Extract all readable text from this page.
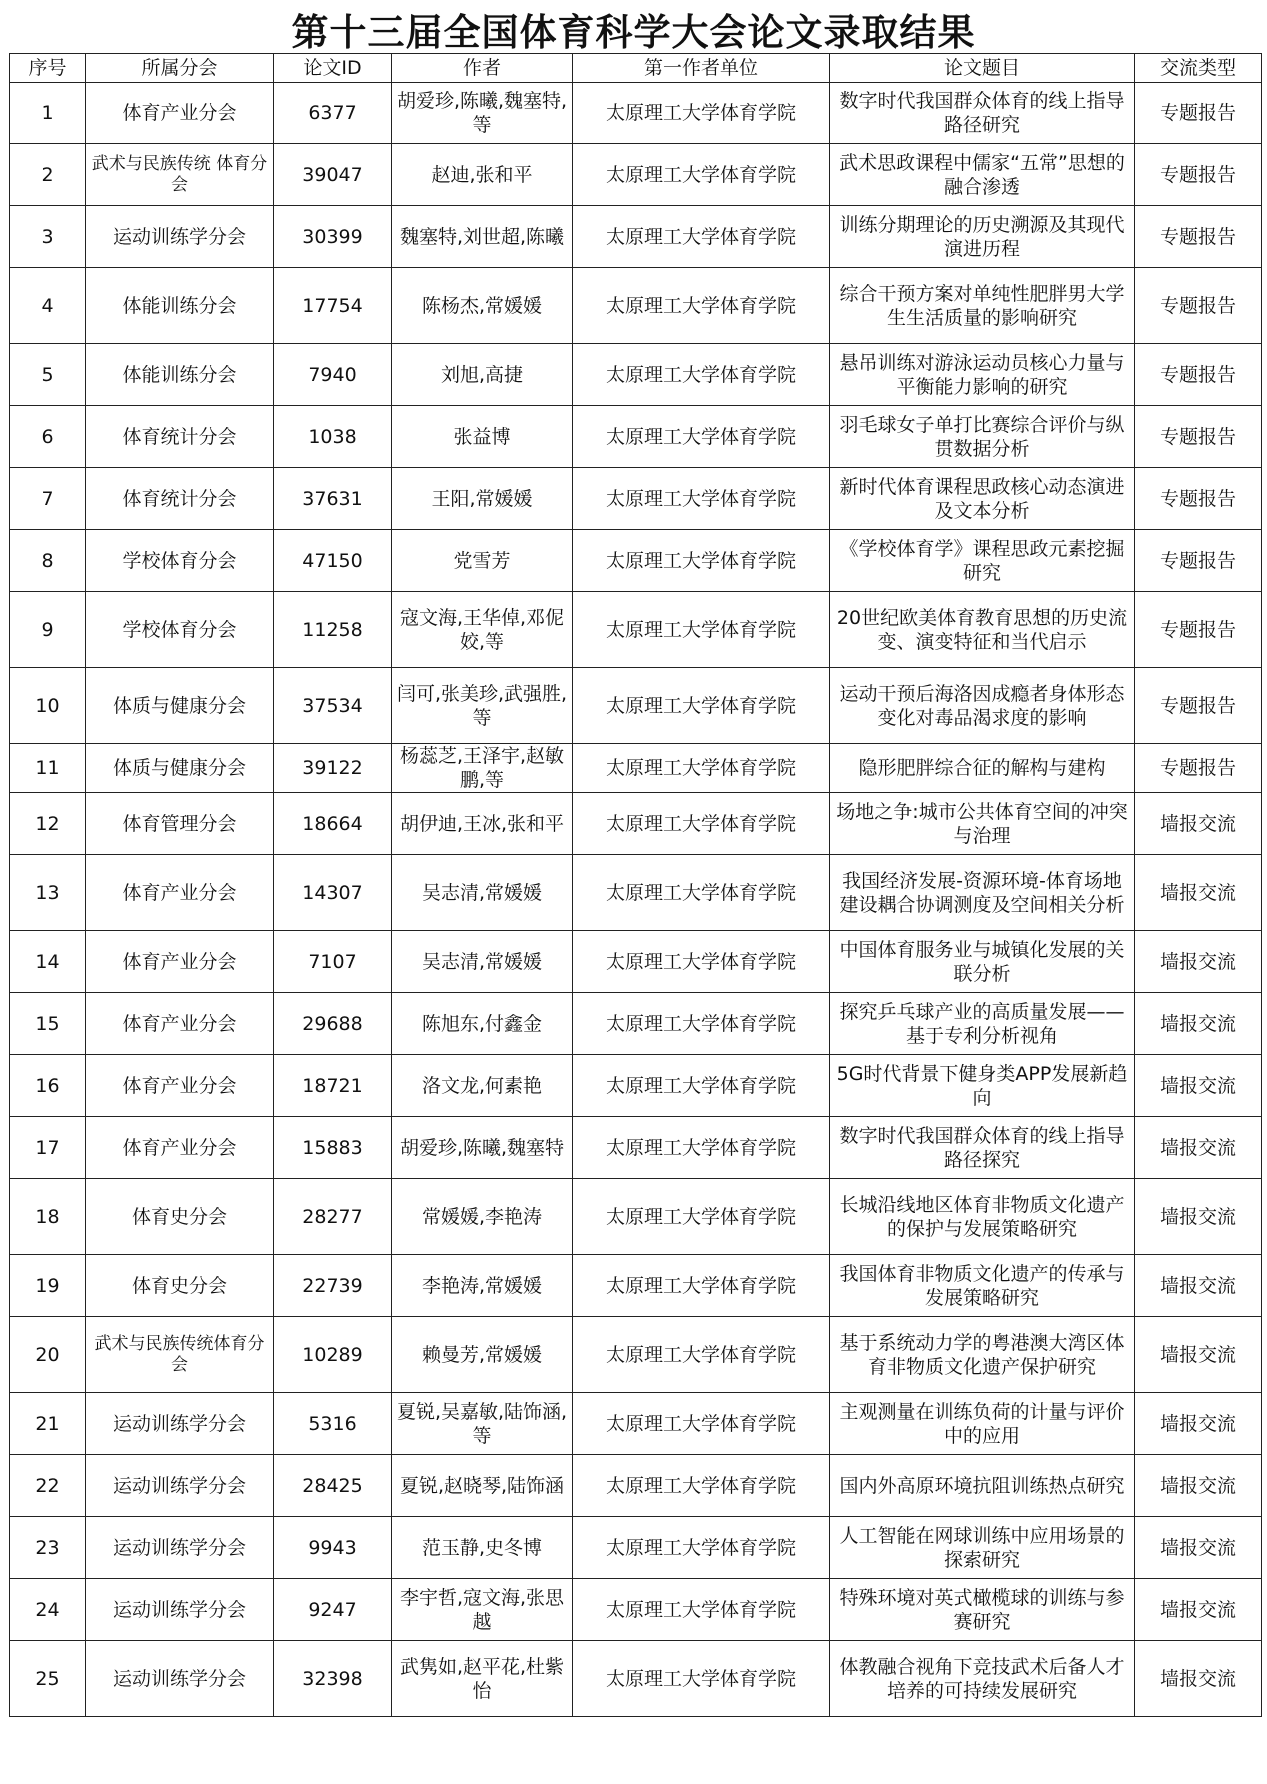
第十三届全国体育科学大会论文录取结果
序号	所属分会	论文ID	作者	第一作者单位	论文题目	交流类型
1	体育产业分会	6377	胡爱珍,陈曦,魏塞特,等	太原理工大学体育学院	数字时代我国群众体育的线上指导路径研究	专题报告
2	武术与民族传统 体育分会	39047	赵迪,张和平	太原理工大学体育学院	武术思政课程中儒家“五常”思想的融合渗透	专题报告
3	运动训练学分会	30399	魏塞特,刘世超,陈曦	太原理工大学体育学院	训练分期理论的历史溯源及其现代演进历程	专题报告
4	体能训练分会	17754	陈杨杰,常媛媛	太原理工大学体育学院	综合干预方案对单纯性肥胖男大学生生活质量的影响研究	专题报告
5	体能训练分会	7940	刘旭,高捷	太原理工大学体育学院	悬吊训练对游泳运动员核心力量与平衡能力影响的研究	专题报告
6	体育统计分会	1038	张益博	太原理工大学体育学院	羽毛球女子单打比赛综合评价与纵贯数据分析	专题报告
7	体育统计分会	37631	王阳,常媛媛	太原理工大学体育学院	新时代体育课程思政核心动态演进及文本分析	专题报告
8	学校体育分会	47150	党雪芳	太原理工大学体育学院	《学校体育学》课程思政元素挖掘研究	专题报告
9	学校体育分会	11258	寇文海,王华倬,邓伲姣,等	太原理工大学体育学院	20世纪欧美体育教育思想的历史流变、演变特征和当代启示	专题报告
10	体质与健康分会	37534	闫可,张美珍,武强胜,等	太原理工大学体育学院	运动干预后海洛因成瘾者身体形态变化对毒品渴求度的影响	专题报告
11	体质与健康分会	39122	杨蕊芝,王泽宇,赵敏鹏,等	太原理工大学体育学院	隐形肥胖综合征的解构与建构	专题报告
12	体育管理分会	18664	胡伊迪,王冰,张和平	太原理工大学体育学院	场地之争:城市公共体育空间的冲突与治理	墙报交流
13	体育产业分会	14307	吴志清,常媛媛	太原理工大学体育学院	我国经济发展-资源环境-体育场地建设耦合协调测度及空间相关分析	墙报交流
14	体育产业分会	7107	吴志清,常媛媛	太原理工大学体育学院	中国体育服务业与城镇化发展的关联分析	墙报交流
15	体育产业分会	29688	陈旭东,付鑫金	太原理工大学体育学院	探究乒乓球产业的高质量发展——基于专利分析视角	墙报交流
16	体育产业分会	18721	洛文龙,何素艳	太原理工大学体育学院	5G时代背景下健身类APP发展新趋向	墙报交流
17	体育产业分会	15883	胡爱珍,陈曦,魏塞特	太原理工大学体育学院	数字时代我国群众体育的线上指导路径探究	墙报交流
18	体育史分会	28277	常媛媛,李艳涛	太原理工大学体育学院	长城沿线地区体育非物质文化遗产的保护与发展策略研究	墙报交流
19	体育史分会	22739	李艳涛,常媛媛	太原理工大学体育学院	我国体育非物质文化遗产的传承与发展策略研究	墙报交流
20	武术与民族传统体育分会	10289	赖曼芳,常媛媛	太原理工大学体育学院	基于系统动力学的粤港澳大湾区体育非物质文化遗产保护研究	墙报交流
21	运动训练学分会	5316	夏锐,吴嘉敏,陆饰涵,等	太原理工大学体育学院	主观测量在训练负荷的计量与评价中的应用	墙报交流
22	运动训练学分会	28425	夏锐,赵晓琴,陆饰涵	太原理工大学体育学院	国内外高原环境抗阻训练热点研究	墙报交流
23	运动训练学分会	9943	范玉静,史冬博	太原理工大学体育学院	人工智能在网球训练中应用场景的探索研究	墙报交流
24	运动训练学分会	9247	李宇哲,寇文海,张思越	太原理工大学体育学院	特殊环境对英式橄榄球的训练与参赛研究	墙报交流
25	运动训练学分会	32398	武隽如,赵平花,杜紫怡	太原理工大学体育学院	体教融合视角下竞技武术后备人才培养的可持续发展研究	墙报交流
